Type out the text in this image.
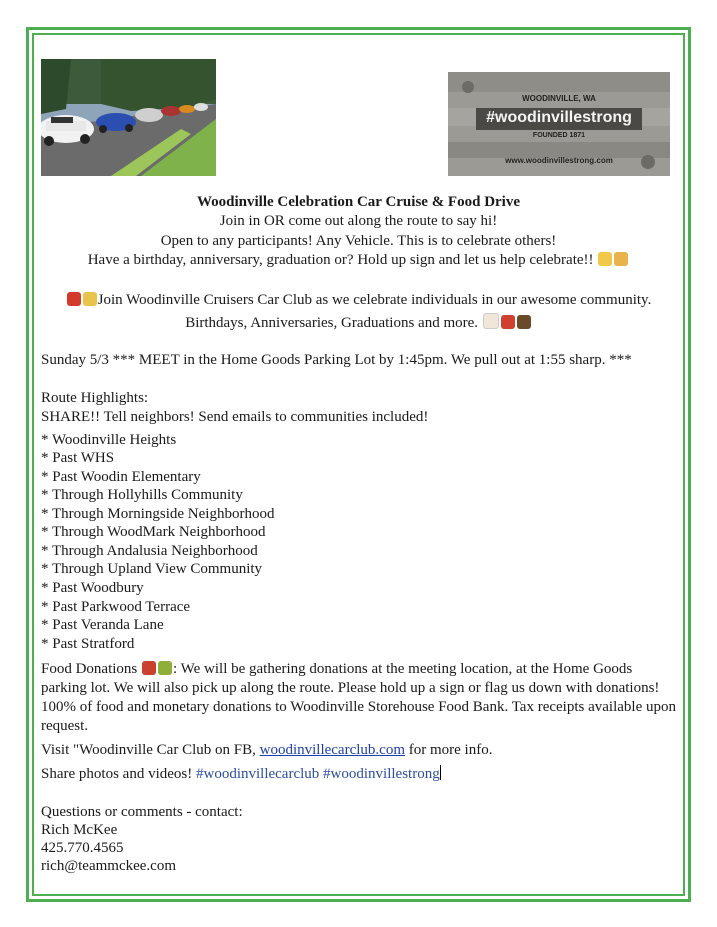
WOODINVILLE, WA
#woodinvillestrong
FOUNDED 1871
www.woodinvillestrong.com
Woodinville Celebration Car Cruise & Food Drive
Join in OR come out along the route to say hi!
Open to any participants! Any Vehicle. This is to celebrate others!
Have a birthday, anniversary, graduation or? Hold up sign and let us help celebrate!!
Join Woodinville Cruisers Car Club as we celebrate individuals in our awesome community.
Birthdays, Anniversaries, Graduations and more.
Sunday 5/3 *** MEET in the Home Goods Parking Lot by 1:45pm. We pull out at 1:55 sharp. ***
Route Highlights:
SHARE!! Tell neighbors! Send emails to communities included!
* Woodinville Heights
* Past WHS
* Past Woodin Elementary
* Through Hollyhills Community
* Through Morningside Neighborhood
* Through WoodMark Neighborhood
* Through Andalusia Neighborhood
* Through Upland View Community
* Past Woodbury
* Past Parkwood Terrace
* Past Veranda Lane
* Past Stratford
Food Donations : We will be gathering donations at the meeting location, at the Home Goods parking lot. We will also pick up along the route. Please hold up a sign or flag us down with donations! 100% of food and monetary donations to Woodinville Storehouse Food Bank. Tax receipts available upon request.
Visit "Woodinville Car Club on FB, woodinvillecarclub.com for more info.
Share photos and videos! #woodinvillecarclub #woodinvillestrong
Questions or comments - contact:
Rich McKee
425.770.4565
rich@teammckee.com
